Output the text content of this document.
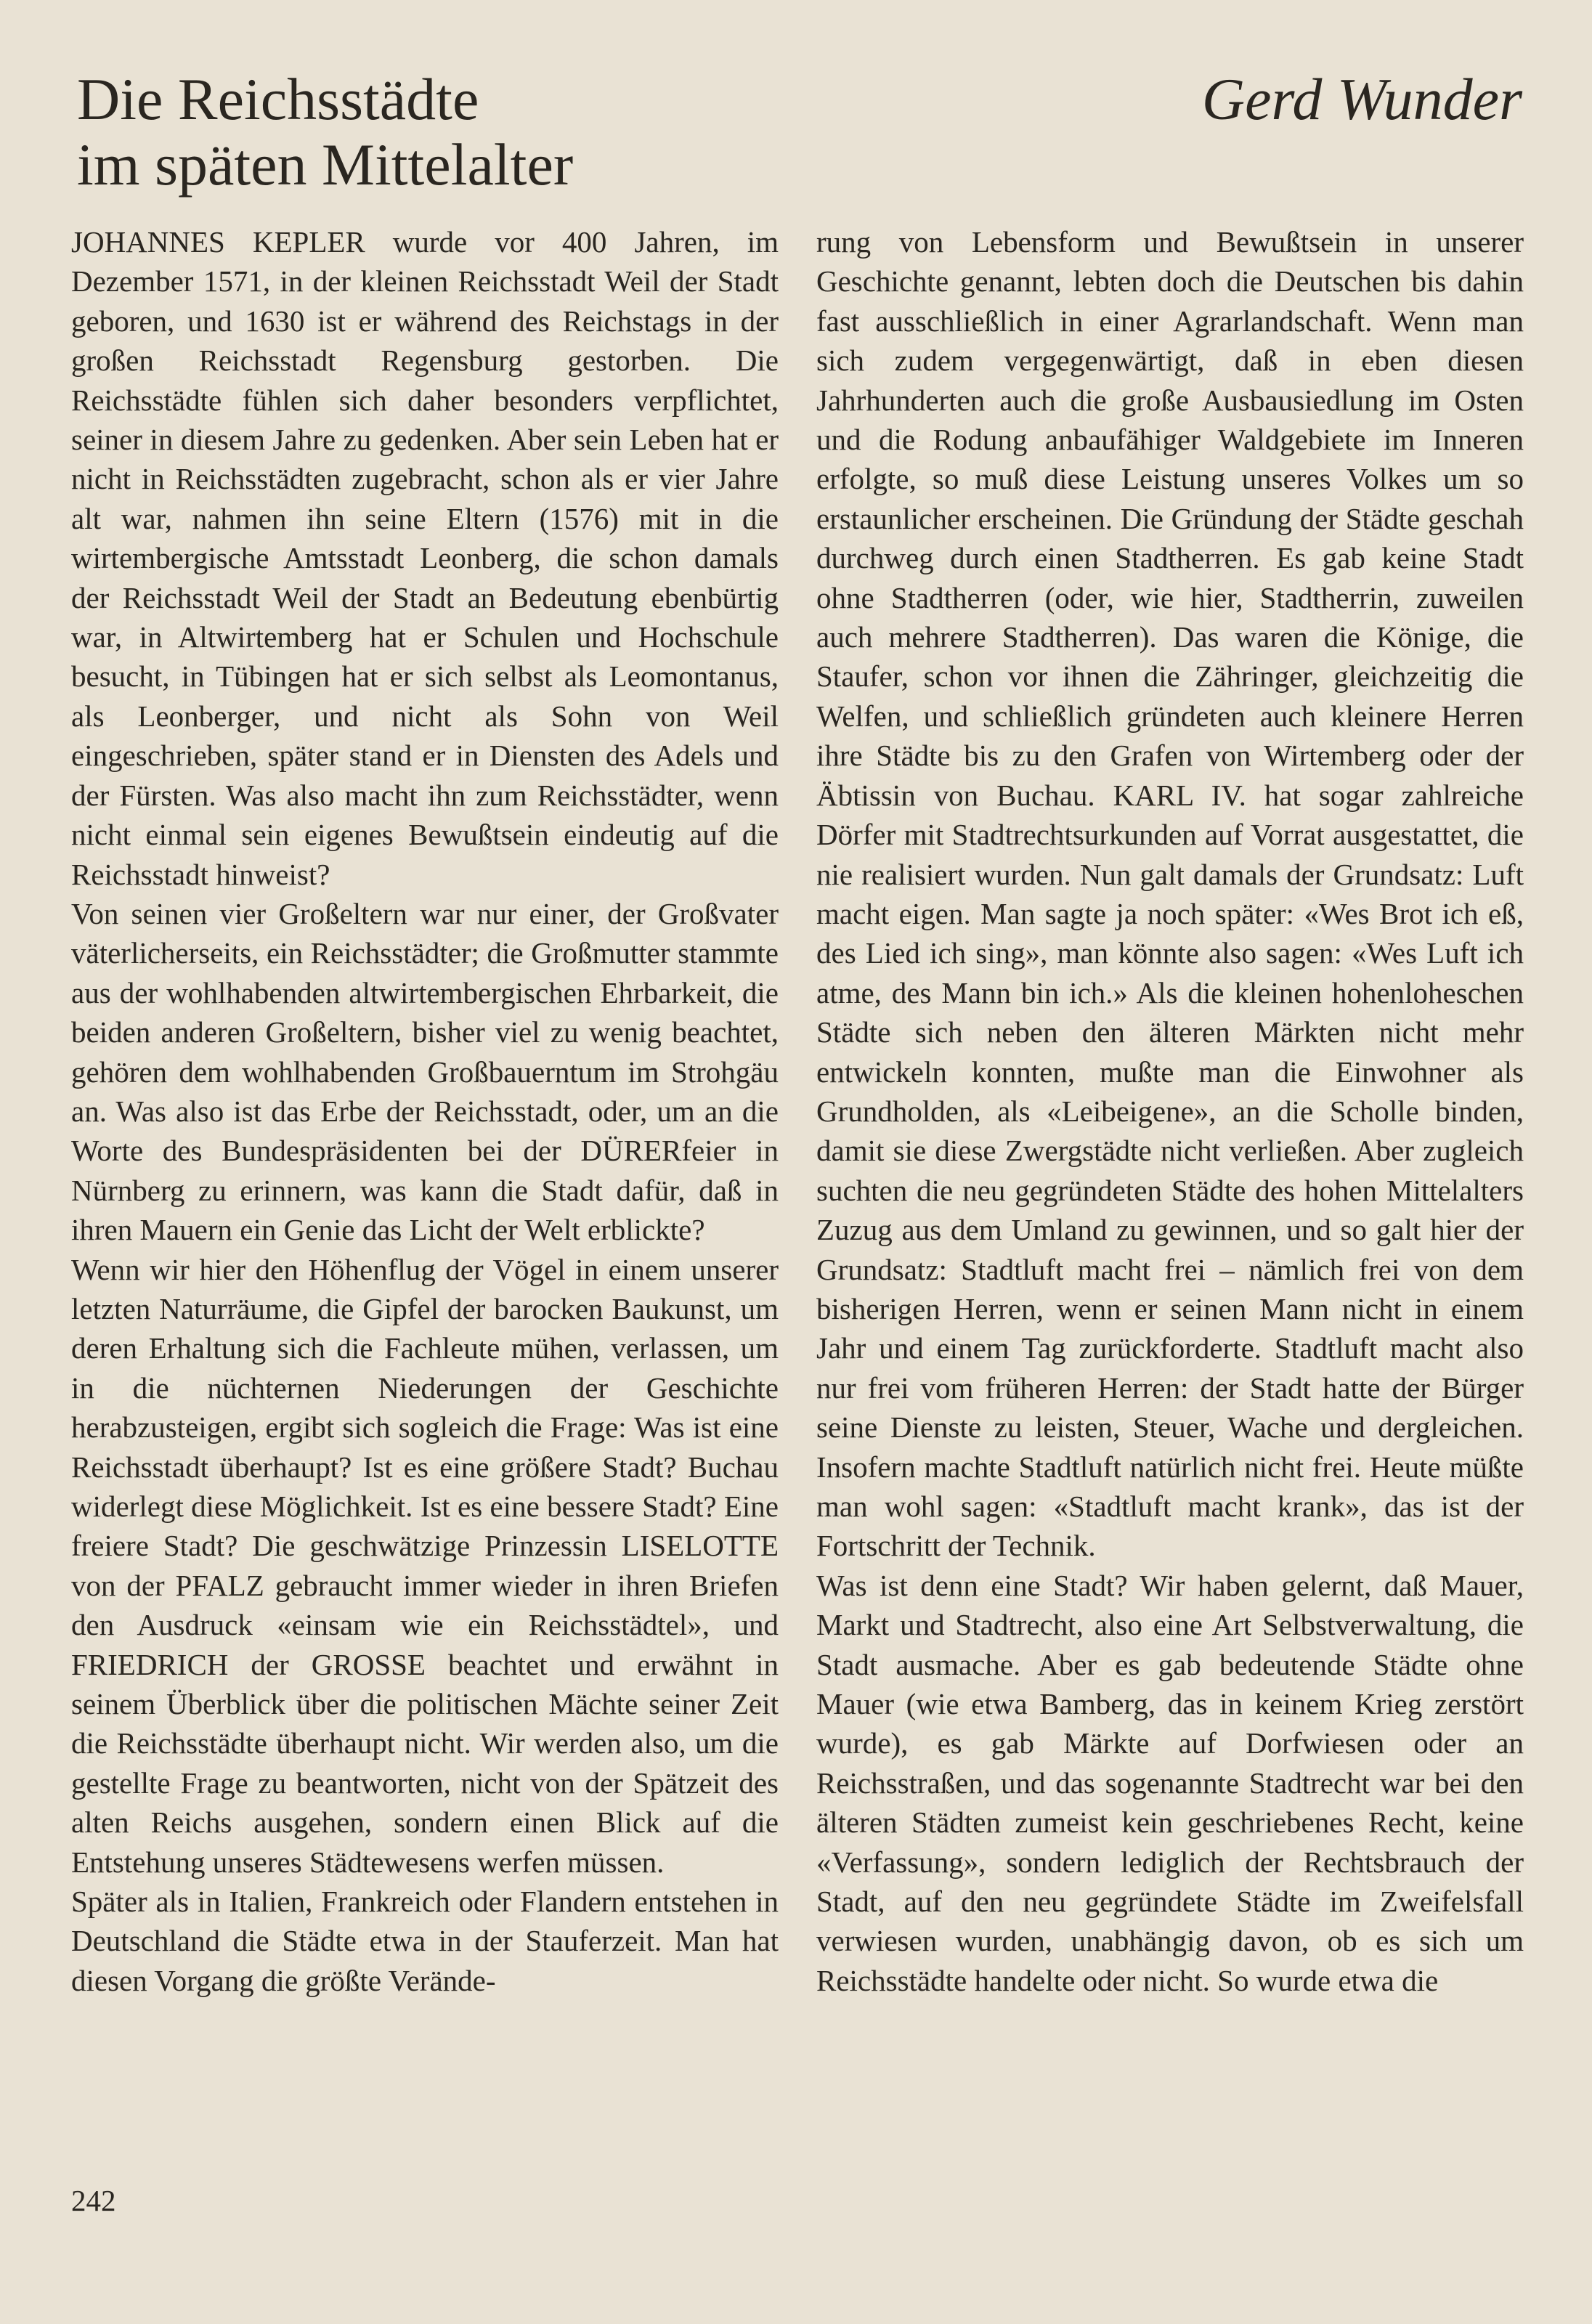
Die Reichsstädte
im späten Mittelalter
Gerd Wunder

JOHANNES KEPLER wurde vor 400 Jahren, im Dezember 1571, in der kleinen Reichsstadt Weil der Stadt geboren, und 1630 ist er während des Reichstags in der großen Reichsstadt Regensburg gestorben. Die Reichsstädte fühlen sich daher besonders verpflichtet, seiner in diesem Jahre zu gedenken. Aber sein Leben hat er nicht in Reichsstädten zugebracht, schon als er vier Jahre alt war, nahmen ihn seine Eltern (1576) mit in die wirtembergische Amtsstadt Leonberg, die schon damals der Reichsstadt Weil der Stadt an Bedeutung ebenbürtig war, in Altwirtemberg hat er Schulen und Hochschule besucht, in Tübingen hat er sich selbst als Leomontanus, als Leonberger, und nicht als Sohn von Weil eingeschrieben, später stand er in Diensten des Adels und der Fürsten. Was also macht ihn zum Reichsstädter, wenn nicht einmal sein eigenes Bewußtsein eindeutig auf die Reichsstadt hinweist?

Von seinen vier Großeltern war nur einer, der Großvater väterlicherseits, ein Reichsstädter; die Großmutter stammte aus der wohlhabenden altwirtembergischen Ehrbarkeit, die beiden anderen Großeltern, bisher viel zu wenig beachtet, gehören dem wohlhabenden Großbauerntum im Strohgäu an. Was also ist das Erbe der Reichsstadt, oder, um an die Worte des Bundespräsidenten bei der DÜRERfeier in Nürnberg zu erinnern, was kann die Stadt dafür, daß in ihren Mauern ein Genie das Licht der Welt erblickte?

Wenn wir hier den Höhenflug der Vögel in einem unserer letzten Naturräume, die Gipfel der barocken Baukunst, um deren Erhaltung sich die Fachleute mühen, verlassen, um in die nüchternen Niederungen der Geschichte herabzusteigen, ergibt sich sogleich die Frage: Was ist eine Reichsstadt überhaupt? Ist es eine größere Stadt? Buchau widerlegt diese Möglichkeit. Ist es eine bessere Stadt? Eine freiere Stadt? Die geschwätzige Prinzessin LISELOTTE von der PFALZ gebraucht immer wieder in ihren Briefen den Ausdruck «einsam wie ein Reichsstädtel», und FRIEDRICH der GROSSE beachtet und erwähnt in seinem Überblick über die politischen Mächte seiner Zeit die Reichsstädte überhaupt nicht. Wir werden also, um die gestellte Frage zu beantworten, nicht von der Spätzeit des alten Reichs ausgehen, sondern einen Blick auf die Entstehung unseres Städtewesens werfen müssen.

Später als in Italien, Frankreich oder Flandern entstehen in Deutschland die Städte etwa in der Stauferzeit. Man hat diesen Vorgang die größte Verände-

rung von Lebensform und Bewußtsein in unserer Geschichte genannt, lebten doch die Deutschen bis dahin fast ausschließlich in einer Agrarlandschaft. Wenn man sich zudem vergegenwärtigt, daß in eben diesen Jahrhunderten auch die große Ausbausiedlung im Osten und die Rodung anbaufähiger Waldgebiete im Inneren erfolgte, so muß diese Leistung unseres Volkes um so erstaunlicher erscheinen. Die Gründung der Städte geschah durchweg durch einen Stadtherren. Es gab keine Stadt ohne Stadtherren (oder, wie hier, Stadtherrin, zuweilen auch mehrere Stadtherren). Das waren die Könige, die Staufer, schon vor ihnen die Zähringer, gleichzeitig die Welfen, und schließlich gründeten auch kleinere Herren ihre Städte bis zu den Grafen von Wirtemberg oder der Äbtissin von Buchau. KARL IV. hat sogar zahlreiche Dörfer mit Stadtrechtsurkunden auf Vorrat ausgestattet, die nie realisiert wurden. Nun galt damals der Grundsatz: Luft macht eigen. Man sagte ja noch später: «Wes Brot ich eß, des Lied ich sing», man könnte also sagen: «Wes Luft ich atme, des Mann bin ich.» Als die kleinen hohenloheschen Städte sich neben den älteren Märkten nicht mehr entwickeln konnten, mußte man die Einwohner als Grundholden, als «Leibeigene», an die Scholle binden, damit sie diese Zwergstädte nicht verließen. Aber zugleich suchten die neu gegründeten Städte des hohen Mittelalters Zuzug aus dem Umland zu gewinnen, und so galt hier der Grundsatz: Stadtluft macht frei – nämlich frei von dem bisherigen Herren, wenn er seinen Mann nicht in einem Jahr und einem Tag zurückforderte. Stadtluft macht also nur frei vom früheren Herren: der Stadt hatte der Bürger seine Dienste zu leisten, Steuer, Wache und dergleichen. Insofern machte Stadtluft natürlich nicht frei. Heute müßte man wohl sagen: «Stadtluft macht krank», das ist der Fortschritt der Technik.

Was ist denn eine Stadt? Wir haben gelernt, daß Mauer, Markt und Stadtrecht, also eine Art Selbstverwaltung, die Stadt ausmache. Aber es gab bedeutende Städte ohne Mauer (wie etwa Bamberg, das in keinem Krieg zerstört wurde), es gab Märkte auf Dorfwiesen oder an Reichsstraßen, und das sogenannte Stadtrecht war bei den älteren Städten zumeist kein geschriebenes Recht, keine «Verfassung», sondern lediglich der Rechtsbrauch der Stadt, auf den neu gegründete Städte im Zweifelsfall verwiesen wurden, unabhängig davon, ob es sich um Reichsstädte handelte oder nicht. So wurde etwa die

242
